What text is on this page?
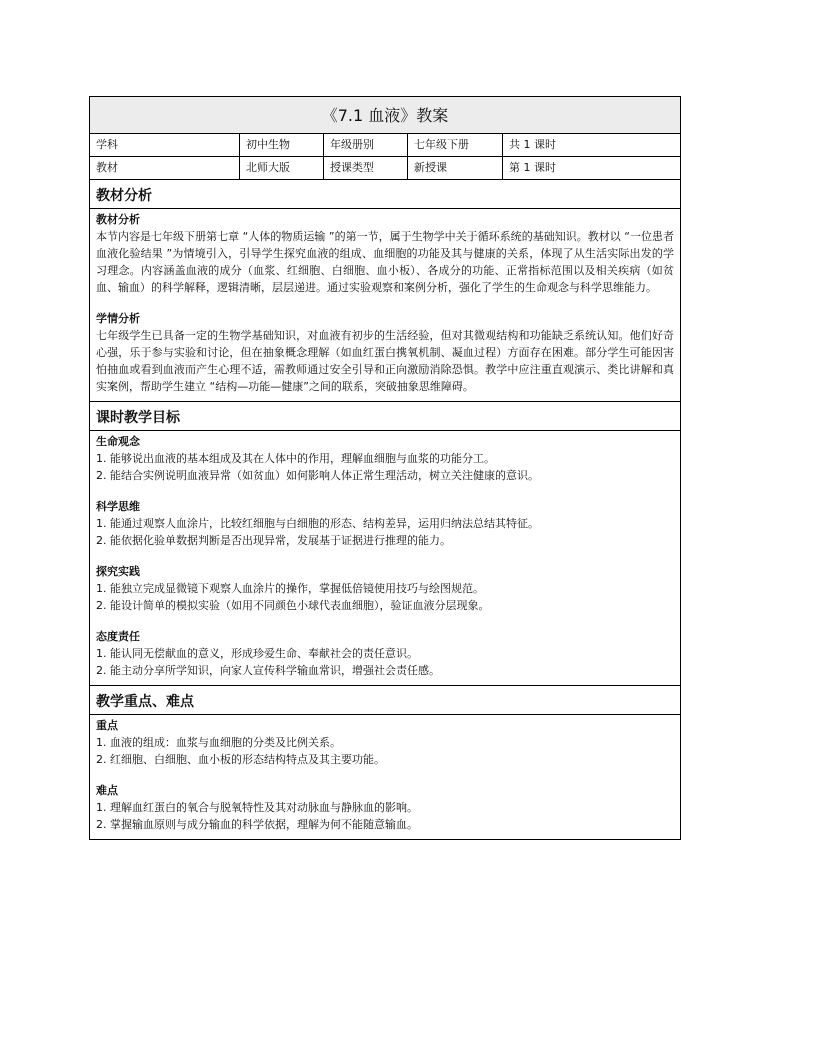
《7.1 血液》教案
学科	初中生物	年级册别	七年级下册	共 1 课时
教材	北师大版	授课类型	新授课	第 1 课时
教材分析
教材分析
本节内容是七年级下册第七章 “人体的物质运输 ”的第一节，属于生物学中关于循环系统的基础知识。教材以 “一位患者血液化验结果 ”为情境引入，引导学生探究血液的组成、血细胞的功能及其与健康的关系，体现了从生活实际出发的学习理念。内容涵盖血液的成分（血浆、红细胞、白细胞、血小板）、各成分的功能、正常指标范围以及相关疾病（如贫血、输血）的科学解释，逻辑清晰，层层递进。通过实验观察和案例分析，强化了学生的生命观念与科学思维能力。
学情分析
七年级学生已具备一定的生物学基础知识，对血液有初步的生活经验，但对其微观结构和功能缺乏系统认知。他们好奇心强，乐于参与实验和讨论，但在抽象概念理解（如血红蛋白携氧机制、凝血过程）方面存在困难。部分学生可能因害怕抽血或看到血液而产生心理不适，需教师通过安全引导和正向激励消除恐惧。教学中应注重直观演示、类比讲解和真实案例，帮助学生建立 “结构—功能—健康”之间的联系，突破抽象思维障碍。
课时教学目标
生命观念
1. 能够说出血液的基本组成及其在人体中的作用，理解血细胞与血浆的功能分工。
2. 能结合实例说明血液异常（如贫血）如何影响人体正常生理活动，树立关注健康的意识。
科学思维
1. 能通过观察人血涂片，比较红细胞与白细胞的形态、结构差异，运用归纳法总结其特征。
2. 能依据化验单数据判断是否出现异常，发展基于证据进行推理的能力。
探究实践
1. 能独立完成显微镜下观察人血涂片的操作，掌握低倍镜使用技巧与绘图规范。
2. 能设计简单的模拟实验（如用不同颜色小球代表血细胞），验证血液分层现象。
态度责任
1. 能认同无偿献血的意义，形成珍爱生命、奉献社会的责任意识。
2. 能主动分享所学知识，向家人宣传科学输血常识，增强社会责任感。
教学重点、难点
重点
1. 血液的组成：血浆与血细胞的分类及比例关系。
2. 红细胞、白细胞、血小板的形态结构特点及其主要功能。
难点
1. 理解血红蛋白的氧合与脱氧特性及其对动脉血与静脉血的影响。
2. 掌握输血原则与成分输血的科学依据，理解为何不能随意输血。
